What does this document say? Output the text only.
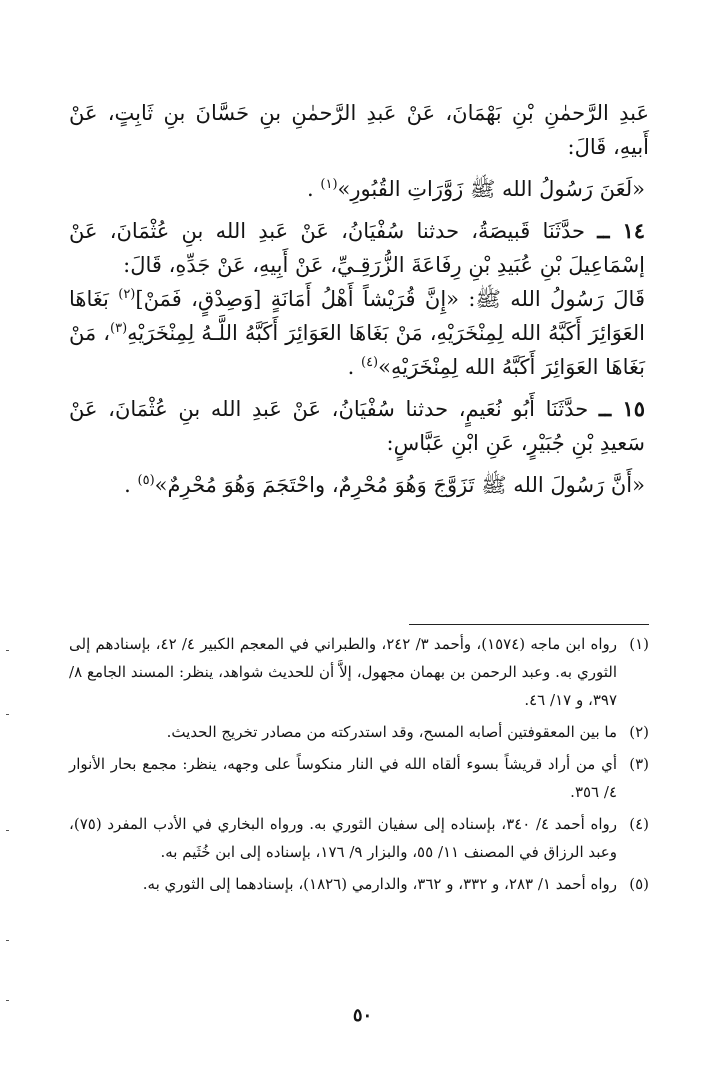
عَبدِ الرَّحمٰنِ بْنِ بَهْمَانَ، عَنْ عَبدِ الرَّحمٰنِ بنِ حَسَّانَ بنِ ثَابِتٍ، عَنْ أَبيهِ، قَالَ:

«لَعَنَ رَسُولُ الله ﷺ زَوَّرَاتِ القُبُورِ»$^{(١)}$ .

١٤ ــ حدَّثَنَا قَبيصَةُ، حدثنا سُفْيَانُ، عَنْ عَبدِ الله بنِ عُثْمَانَ، عَنْ إسْمَاعِيلَ بْنِ عُبَيدِ بْنِ رِفَاعَةَ الزُّرَقِـيِّ، عَنْ أَبِيهِ، عَنْ جَدِّهِ، قَالَ:

قَالَ رَسُولُ الله ﷺ: «إِنَّ قُرَيْشاً أَهْلُ أَمَانَةٍ [وَصِدْقٍ، فَمَنْ]$^{(٢)}$ بَغَاهَا العَوَائِرَ أَكَبَّهُ الله لِمِنْخَرَيْهِ، مَنْ بَغَاهَا العَوَائِرَ أَكَبَّهُ اللَّـهُ لِمِنْخَرَيْهِ$^{(٣)}$، مَنْ بَغَاهَا العَوَائِرَ أَكَبَّهُ الله لِمِنْخَرَيْهِ»$^{(٤)}$ .

١٥ ــ حدَّثَنَا أَبُو نُعَيمٍ، حدثنا سُفْيَانُ، عَنْ عَبدِ الله بنِ عُثْمَانَ، عَنْ سَعيدِ بْنِ جُبَيْرٍ، عَنِ ابْنِ عَبَّاسٍ:

«أَنَّ رَسُولَ الله ﷺ تَزَوَّجَ وَهُوَ مُحْرِمٌ، واحْتَجَمَ وَهُوَ مُحْرِمٌ»$^{(٥)}$ .

(١)
رواه ابن ماجه (١٥٧٤)، وأحمد ٣/ ٢٤٢، والطبراني في المعجم الكبير ٤/ ٤٢، بإسنادهم إلى الثوري به. وعبد الرحمن بن بهمان مجهول، إلاَّ أن للحديث شواهد، ينظر: المسند الجامع ٨/ ٣٩٧، و ١٧/ ٤٦.
(٢)
ما بين المعقوفتين أصابه المسح، وقد استدركته من مصادر تخريج الحديث.
(٣)
أي من أراد قريشاً بسوء ألقاه الله في النار منكوساً على وجهه، ينظر: مجمع بحار الأنوار ٤/ ٣٥٦.
(٤)
رواه أحمد ٤/ ٣٤٠، بإسناده إلى سفيان الثوري به. ورواه البخاري في الأدب المفرد (٧٥)، وعبد الرزاق في المصنف ١١/ ٥٥، والبزار ٩/ ١٧٦، بإسناده إلى ابن خُثَيم به.
(٥)
رواه أحمد ١/ ٢٨٣، و ٣٣٢، و ٣٦٢، والدارمي (١٨٢٦)، بإسنادهما إلى الثوري به.
٥٠
